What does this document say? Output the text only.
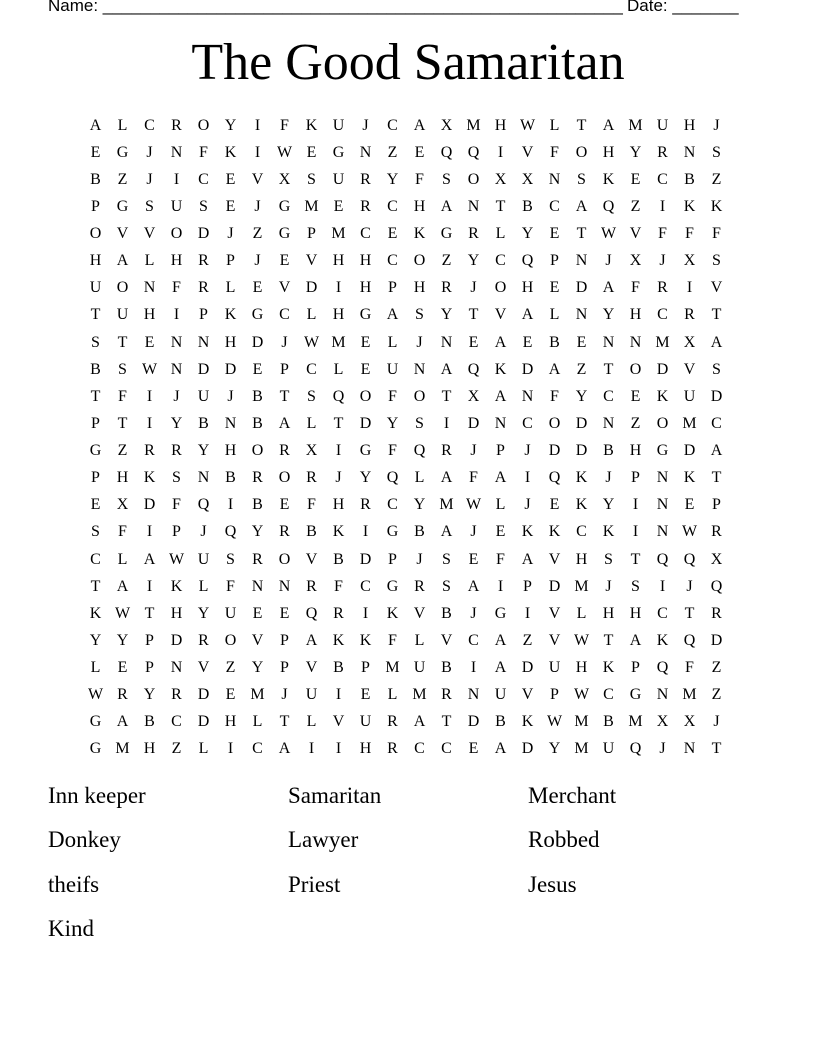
Name: _______________________________________________________ Date: _______
The Good Samaritan
A	L	C	R O Y	I	F	K U	J	C A X M H W L	T	A M U H	J
E	G	J	N	F	K	I	W E	G N	Z	E	Q Q	I	V	F	O H Y R N	S
B	Z	J	I	C	E	V X	S	U R Y	F	S	O X X N	S	K	E	C	B	Z
P	G	S	U	S	E	J	G M E	R	C H A N	T	B	C A Q	Z	I	K K
O V V O D	J	Z	G	P M C	E	K G R	L	Y	E	T W V	F	F	F
H A	L	H R	P	J	E	V H H C O	Z	Y C Q	P	N	J	X	J	X	S
U O N	F	R	L	E	V D	I	H	P	H R	J	O H	E	D A	F	R	I	V
T	U H	I	P	K G C	L	H G A	S	Y	T	V A	L	N Y H C	R	T
S	T	E	N N H D	J	W M E	L	J	N	E	A	E	B	E	N N M X A
B	S W N D D	E	P	C	L	E	U N A Q K D A	Z	T	O D V	S
T	F	I	J	U	J	B	T	S	Q O	F	O	T	X A N	F	Y C	E	K U D
P	T	I	Y B N B A	L	T	D Y	S	I	D N C O D N	Z	O M C
G	Z	R	R Y H O R X	I	G	F	Q R	J	P	J	D D B H G D A
P	H K	S	N B	R O R	J	Y Q	L	A	F	A	I	Q K	J	P	N K	T
E	X D	F	Q	I	B	E	F	H R	C Y M W L	J	E	K Y	I	N	E	P
S	F	I	P	J	Q Y R	B K	I	G B A	J	E	K K C K	I	N W R
C	L	A W U	S	R O V B D	P	J	S	E	F	A V H	S	T	Q Q X
T	A	I	K	L	F	N N R	F	C G R	S	A	I	P	D M	J	S	I	J	Q
K W T	H Y U	E	E	Q R	I	K V B	J	G	I	V	L	H H C	T	R
Y Y	P	D R O V	P	A K K	F	L	V C A	Z	V W T	A K Q D
L	E	P	N V	Z	Y	P	V B	P M U B	I	A D U H K	P	Q	F	Z
W R Y R D	E M	J	U	I	E	L M R N U V	P W C G N M Z
G A B	C D H	L	T	L	V U R A	T	D B K W M B M X X	J
G M H	Z	L	I	C A	I	I	H R	C	C	E	A D Y M U Q	J	N	T
Inn keeper	Samaritan	Merchant
Donkey	Lawyer	Robbed
theifs	Priest	Jesus
Kind
